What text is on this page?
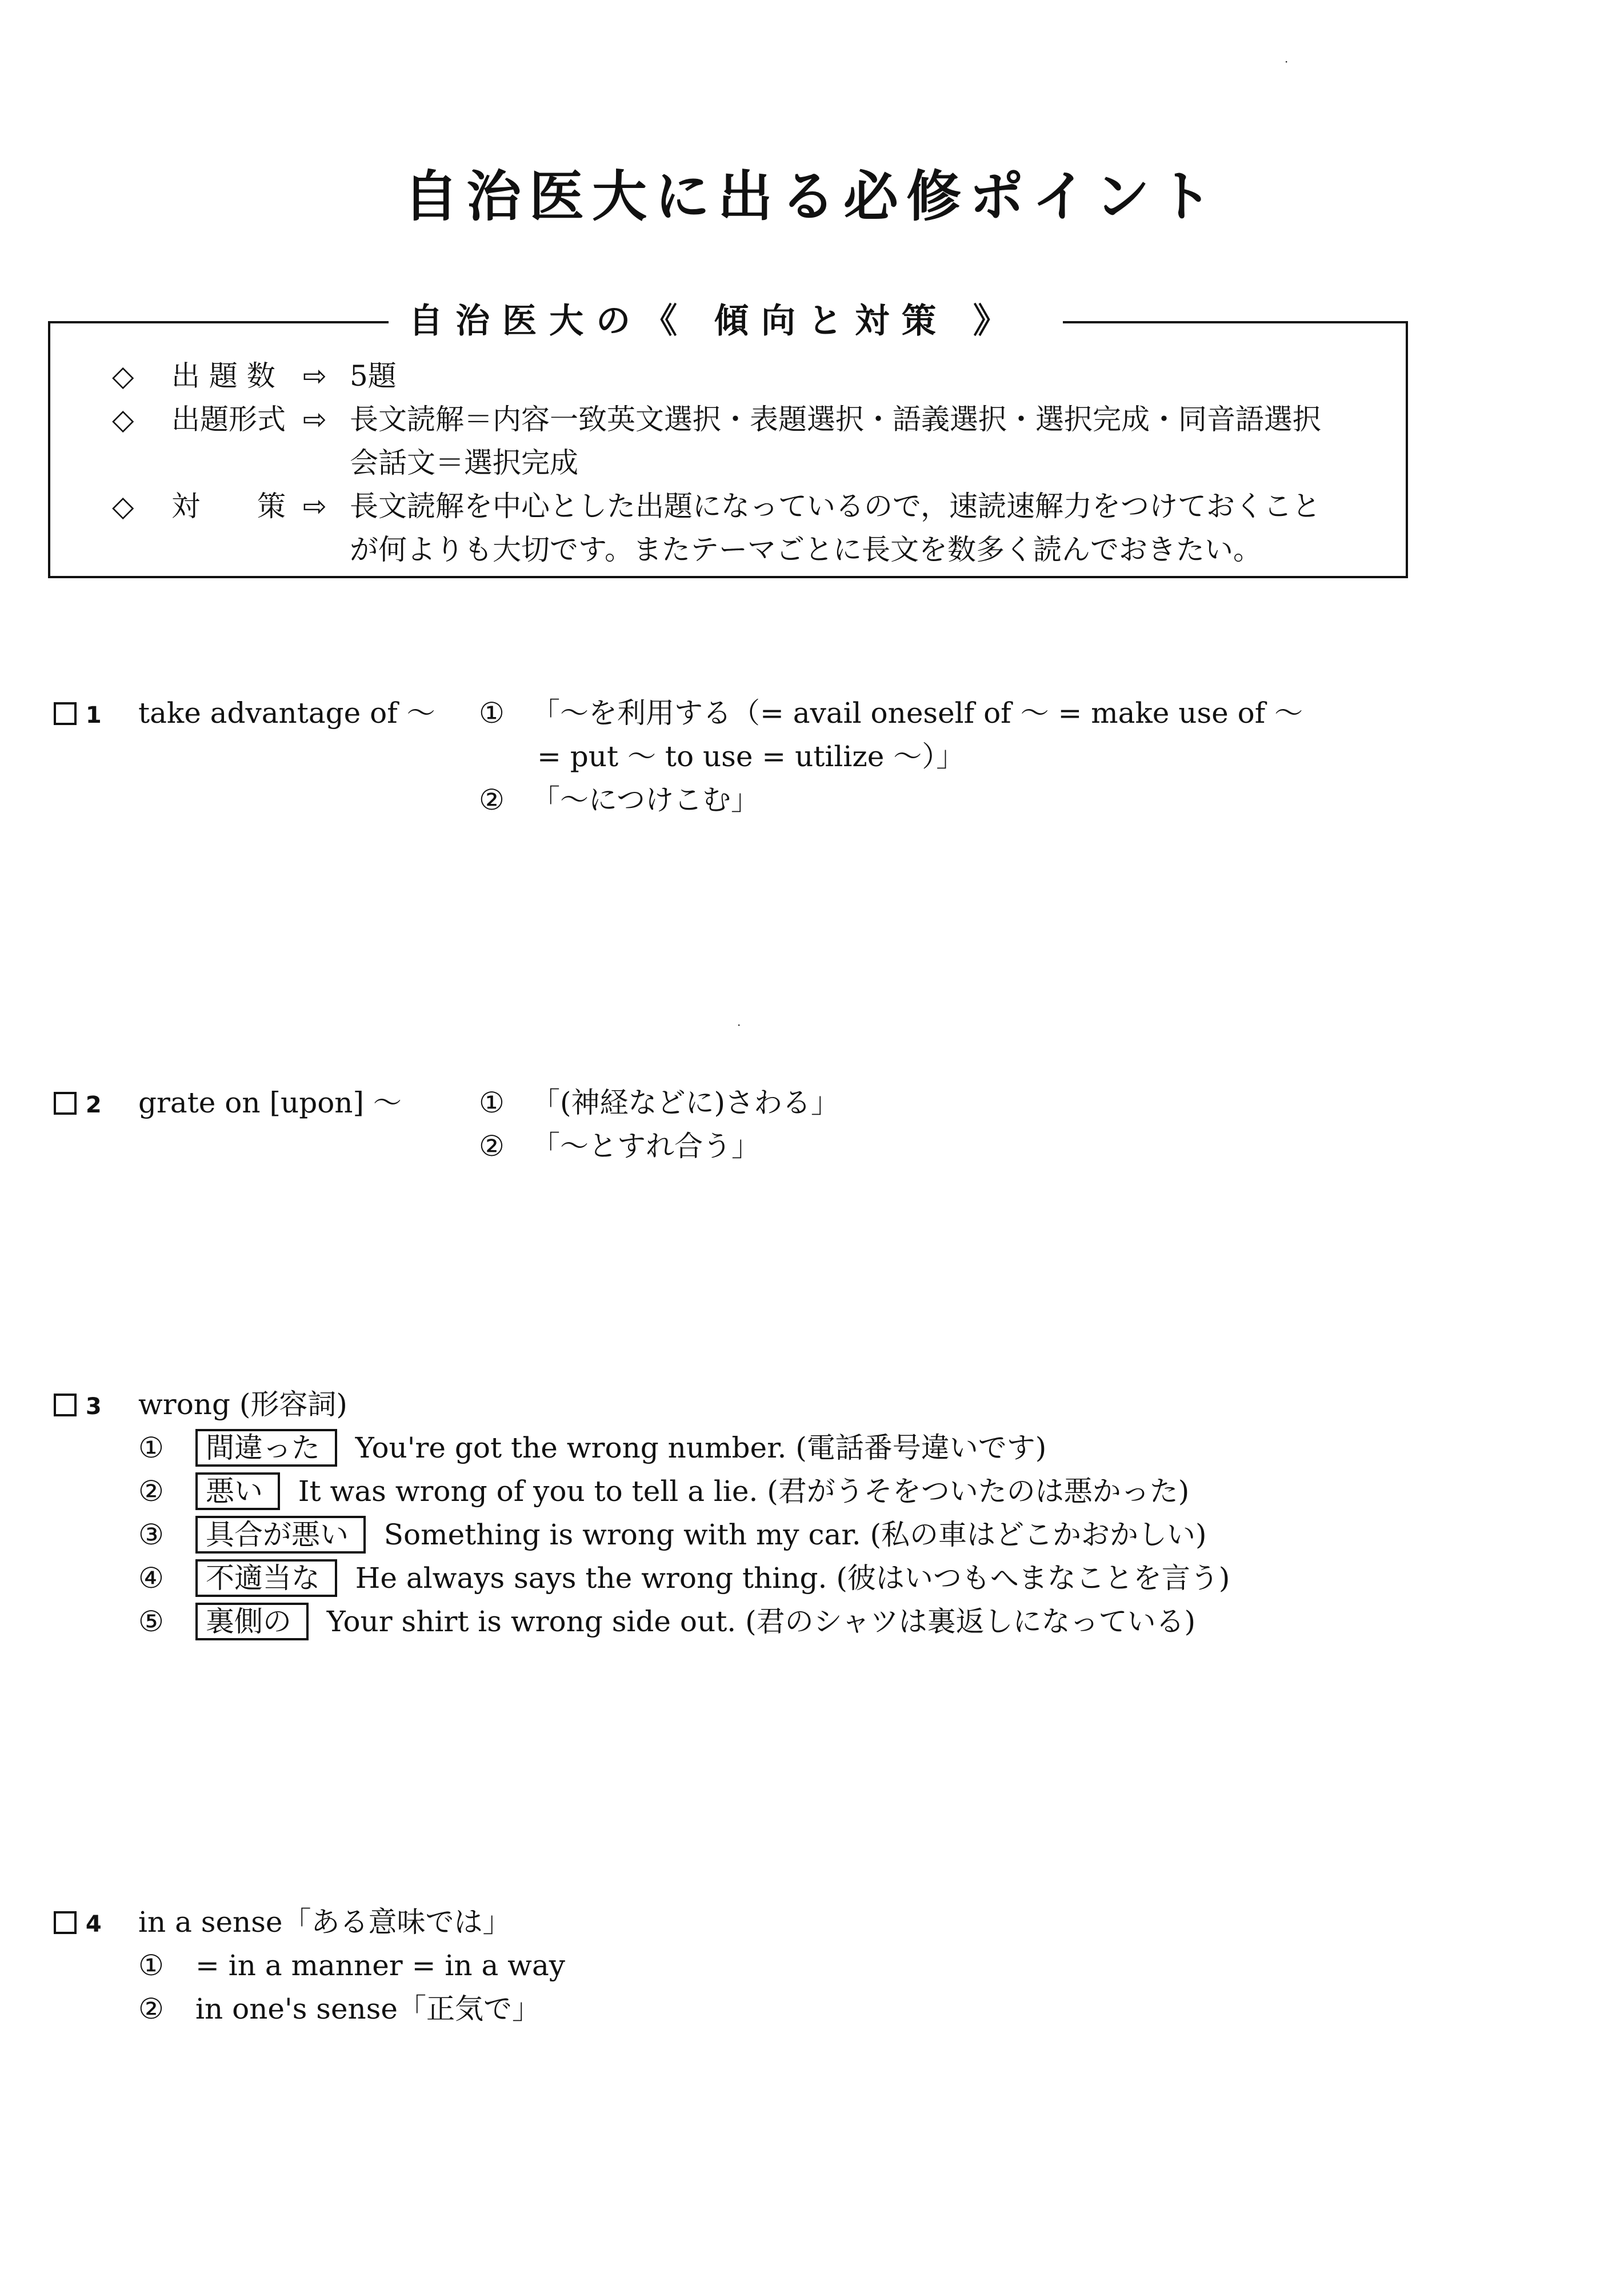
·
·
自治医大に出る必修ポイント
自治医大の《 傾向と対策 》
◇ 出 題 数 ⇨ 5題
◇ 出題形式 ⇨ 長文読解＝内容一致英文選択・表題選択・語義選択・選択完成・同音語選択
会話文＝選択完成
◇ 対　　策 ⇨ 長文読解を中心とした出題になっているので，速読速解力をつけておくこと
が何よりも大切です。またテーマごとに長文を数多く読んでおきたい。
1 take advantage of ～ ① 「～を利用する（= avail oneself of ～ = make use of ～
= put ～ to use = utilize ～）」
② 「～につけこむ」
2 grate on [upon] ～	① 「(神経などに)さわる」
② 「～とすれ合う」
3 wrong (形容詞)
①	間違った You're got the wrong number. (電話番号違いです)
②	悪い It was wrong of you to tell a lie. (君がうそをついたのは悪かった)
③	具合が悪い Something is wrong with my car. (私の車はどこかおかしい)
④	不適当な He always says the wrong thing. (彼はいつもへまなことを言う)
⑤	裏側の Your shirt is wrong side out. (君のシャツは裏返しになっている)
4 in a sense「ある意味では」
① = in a manner = in a way
② in one's sense「正気で」
